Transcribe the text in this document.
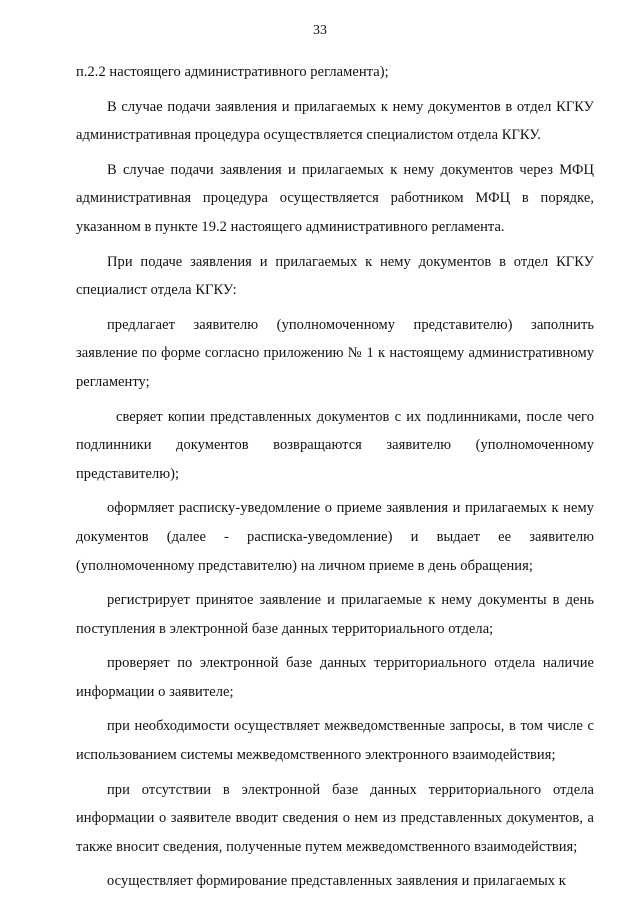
33

п.2.2 настоящего административного регламента);

В случае подачи заявления и прилагаемых к нему документов в отдел КГКУ административная процедура осуществляется специалистом отдела КГКУ.

В случае подачи заявления и прилагаемых к нему документов через МФЦ административная процедура осуществляется работником МФЦ в порядке, указанном в пункте 19.2 настоящего административного регламента.

При подаче заявления и прилагаемых к нему документов в отдел КГКУ специалист отдела КГКУ:

предлагает заявителю (уполномоченному представителю) заполнить заявление по форме согласно приложению № 1 к настоящему административному регламенту;

сверяет копии представленных документов с их подлинниками, после чего подлинники документов возвращаются заявителю (уполномоченному представителю);

оформляет расписку-уведомление о приеме заявления и прилагаемых к нему документов (далее - расписка-уведомление) и выдает ее заявителю (уполномоченному представителю) на личном приеме в день обращения;

регистрирует принятое заявление и прилагаемые к нему документы в день поступления в электронной базе данных территориального отдела;

проверяет по электронной базе данных территориального отдела наличие информации о заявителе;

при необходимости осуществляет межведомственные запросы, в том числе с использованием системы межведомственного электронного взаимодействия;

при отсутствии в электронной базе данных территориального отдела информации о заявителе вводит сведения о нем из представленных документов, а также вносит сведения, полученные путем межведомственного взаимодействия;

осуществляет формирование представленных заявления и прилагаемых к
